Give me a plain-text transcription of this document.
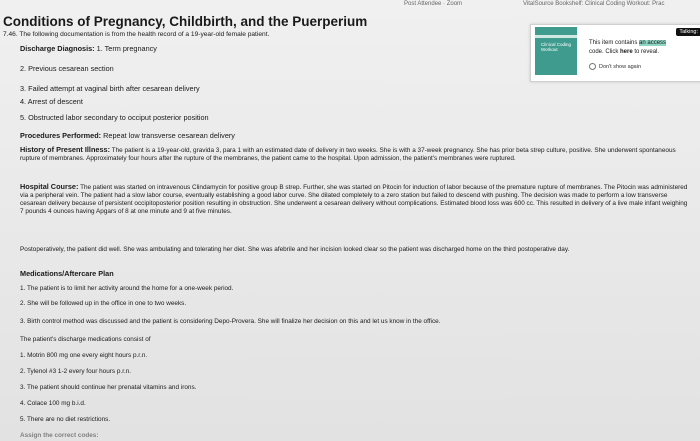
Post Attendee · Zoom	VitalSource Bookshelf: Clinical Coding Workout: Prac
Conditions of Pregnancy, Childbirth, and the Puerperium
7.46. The following documentation is from the health record of a 19-year-old female patient.
Discharge Diagnosis: 1. Term pregnancy
2. Previous cesarean section
3. Failed attempt at vaginal birth after cesarean delivery
4. Arrest of descent
5. Obstructed labor secondary to occiput posterior position
Procedures Performed: Repeat low transverse cesarean delivery
History of Present Illness: The patient is a 19-year-old, gravida 3, para 1 with an estimated date of delivery in two weeks. She is with a 37-week pregnancy. She has prior beta strep culture, positive. She underwent spontaneous rupture of membranes. Approximately four hours after the rupture of the membranes, the patient came to the hospital. Upon admission, the patient's membranes were ruptured.
Hospital Course: The patient was started on intravenous Clindamycin for positive group B strep. Further, she was started on Pitocin for induction of labor because of the premature rupture of membranes. The Pitocin was administered via a peripheral vein. The patient had a slow labor course, eventually establishing a good labor curve. She dilated completely to a zero station but failed to descend with pushing. The decision was made to perform a low transverse cesarean delivery because of persistent occipitoposterior position resulting in obstruction. She underwent a cesarean delivery without complications. Estimated blood loss was 600 cc. This resulted in delivery of a live male infant weighing 7 pounds 4 ounces having Apgars of 8 at one minute and 9 at five minutes.
Postoperatively, the patient did well. She was ambulating and tolerating her diet. She was afebrile and her incision looked clear so the patient was discharged home on the third postoperative day.
Medications/Aftercare Plan
1. The patient is to limit her activity around the home for a one-week period.
2. She will be followed up in the office in one to two weeks.
3. Birth control method was discussed and the patient is considering Depo-Provera. She will finalize her decision on this and let us know in the office.
The patient's discharge medications consist of
1. Motrin 800 mg one every eight hours p.r.n.
2. Tylenol #3 1-2 every four hours p.r.n.
3. The patient should continue her prenatal vitamins and irons.
4. Colace 100 mg b.i.d.
5. There are no diet restrictions.
Assign the correct codes:
Talking:
Clinical Coding Workout
This item contains an access
code. Click here to reveal.
Don't show again
